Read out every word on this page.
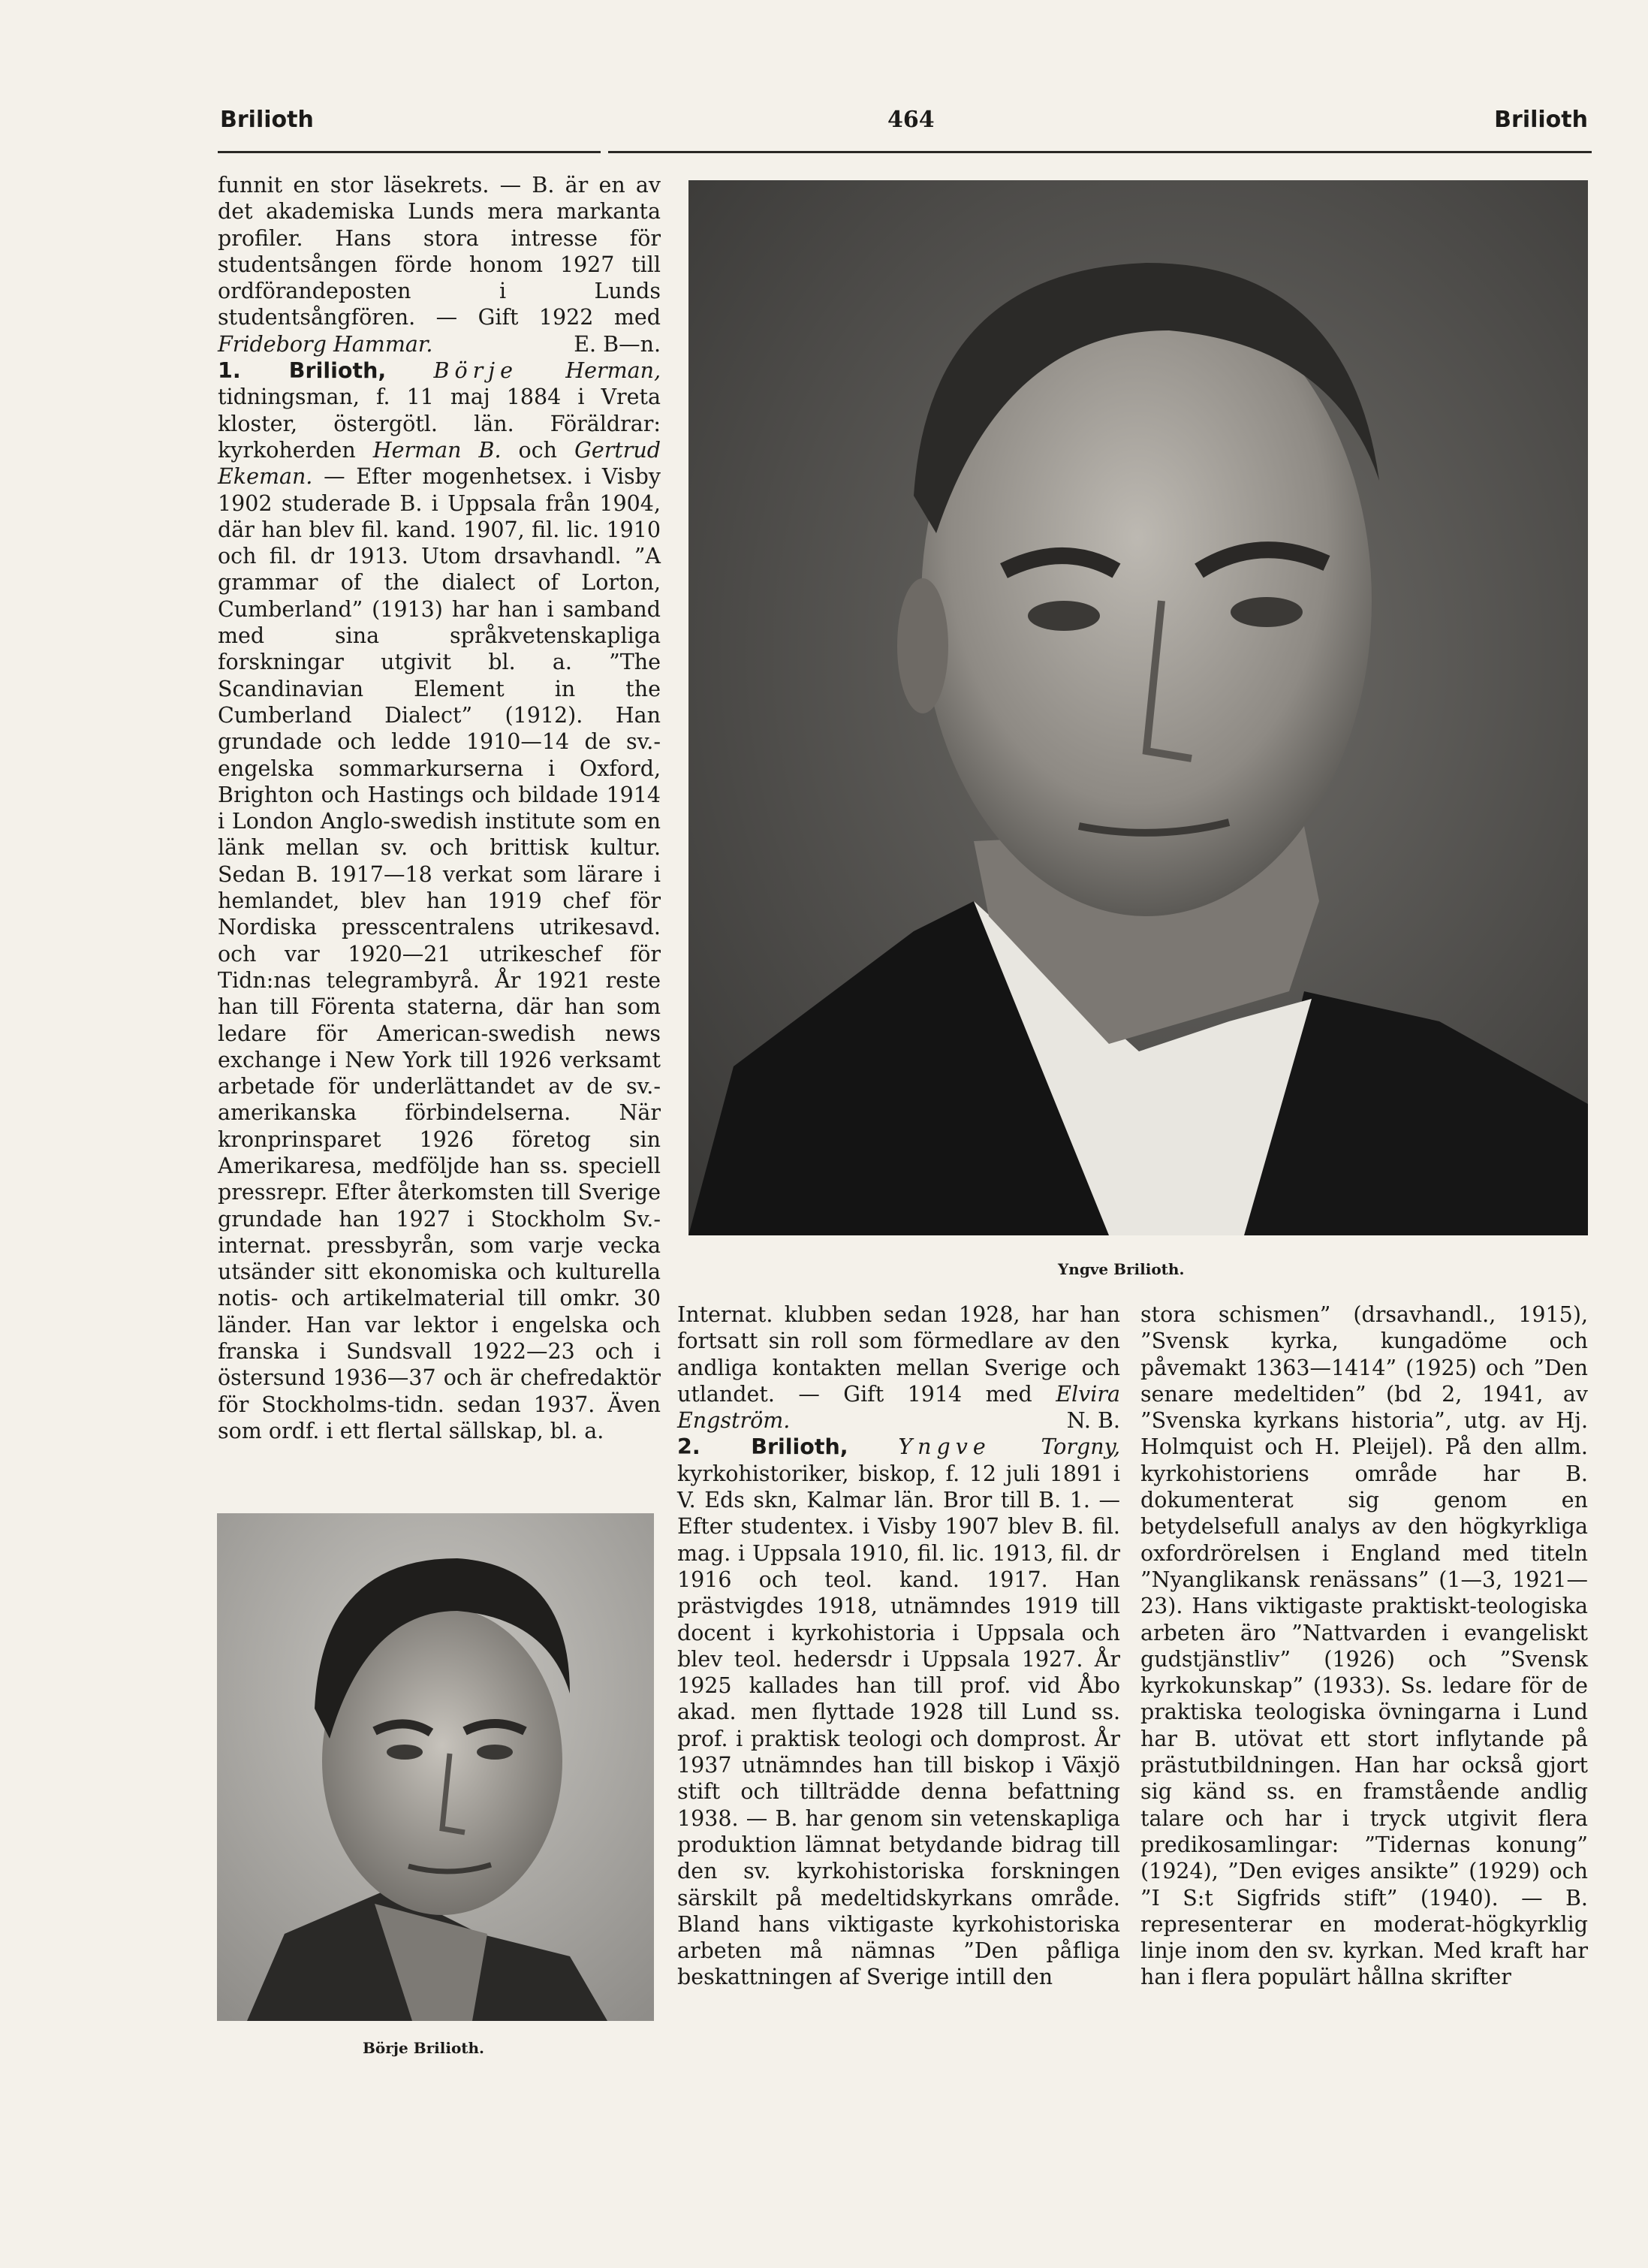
Brilioth	464	Brilioth

funnit en stor läsekrets. — B. är en av det akademiska Lunds mera markanta profiler. Hans stora intresse för studentsången förde honom 1927 till ordförandeposten i Lunds studentsångfören. — Gift 1922 med Frideborg Hammar.	E. B—n.

1. Brilioth, Börje Herman, tidningsman, f. 11 maj 1884 i Vreta kloster, östergötl. län. Föräldrar: kyrkoherden Herman B. och Gertrud Ekeman. — Efter mogenhetsex. i Visby 1902 studerade B. i Uppsala från 1904, där han blev fil. kand. 1907, fil. lic. 1910 och fil. dr 1913. Utom drsavhandl. ”A grammar of the dialect of Lorton, Cumberland” (1913) har han i samband med sina språkvetenskapliga forskningar utgivit bl. a. ”The Scandinavian Element in the Cumberland Dialect” (1912). Han grundade och ledde 1910—14 de sv.-engelska sommarkurserna i Oxford, Brighton och Hastings och bildade 1914 i London Anglo-swedish institute som en länk mellan sv. och brittisk kultur. Sedan B. 1917—18 verkat som lärare i hemlandet, blev han 1919 chef för Nordiska presscentralens utrikesavd. och var 1920—21 utrikeschef för Tidn:nas telegrambyrå. År 1921 reste han till Förenta staterna, där han som ledare för American-swedish news exchange i New York till 1926 verksamt arbetade för underlättandet av de sv.-amerikanska förbindelserna. När kronprinsparet 1926 företog sin Amerikaresa, medföljde han ss. speciell pressrepr. Efter återkomsten till Sverige grundade han 1927 i Stockholm Sv.-internat. pressbyrån, som varje vecka utsänder sitt ekonomiska och kulturella notis- och artikelmaterial till omkr. 30 länder. Han var lektor i engelska och franska i Sundsvall 1922—23 och i östersund 1936—37 och är chefredaktör för Stockholms-tidn. sedan 1937. Även som ordf. i ett flertal sällskap, bl. a.

Yngve Brilioth.
Börje Brilioth.

Internat. klubben sedan 1928, har han fortsatt sin roll som förmedlare av den andliga kontakten mellan Sverige och utlandet. — Gift 1914 med Elvira Engström.	N. B.

2. Brilioth, Yngve Torgny, kyrkohistoriker, biskop, f. 12 juli 1891 i V. Eds skn, Kalmar län. Bror till B. 1. — Efter studentex. i Visby 1907 blev B. fil. mag. i Uppsala 1910, fil. lic. 1913, fil. dr 1916 och teol. kand. 1917. Han prästvigdes 1918, utnämndes 1919 till docent i kyrkohistoria i Uppsala och blev teol. hedersdr i Uppsala 1927. År 1925 kallades han till prof. vid Åbo akad. men flyttade 1928 till Lund ss. prof. i praktisk teologi och domprost. År 1937 utnämndes han till biskop i Växjö stift och tillträdde denna befattning 1938. — B. har genom sin vetenskapliga produktion lämnat betydande bidrag till den sv. kyrkohistoriska forskningen särskilt på medeltidskyrkans område. Bland hans viktigaste kyrkohistoriska arbeten må nämnas ”Den påfliga beskattningen af Sverige intill den

stora schismen” (drsavhandl., 1915), ”Svensk kyrka, kungadöme och påvemakt 1363—1414” (1925) och ”Den senare medeltiden” (bd 2, 1941, av ”Svenska kyrkans historia”, utg. av Hj. Holmquist och H. Pleijel). På den allm. kyrkohistoriens område har B. dokumenterat sig genom en betydelsefull analys av den högkyrkliga oxfordrörelsen i England med titeln ”Nyanglikansk renässans” (1—3, 1921—23). Hans viktigaste praktiskt-teologiska arbeten äro ”Nattvarden i evangeliskt gudstjänstliv” (1926) och ”Svensk kyrkokunskap” (1933). Ss. ledare för de praktiska teologiska övningarna i Lund har B. utövat ett stort inflytande på prästutbildningen. Han har också gjort sig känd ss. en framstående andlig talare och har i tryck utgivit flera predikosamlingar: ”Tidernas konung” (1924), ”Den eviges ansikte” (1929) och ”I S:t Sigfrids stift” (1940). — B. representerar en moderat-högkyrklig linje inom den sv. kyrkan. Med kraft har han i flera populärt hållna skrifter
